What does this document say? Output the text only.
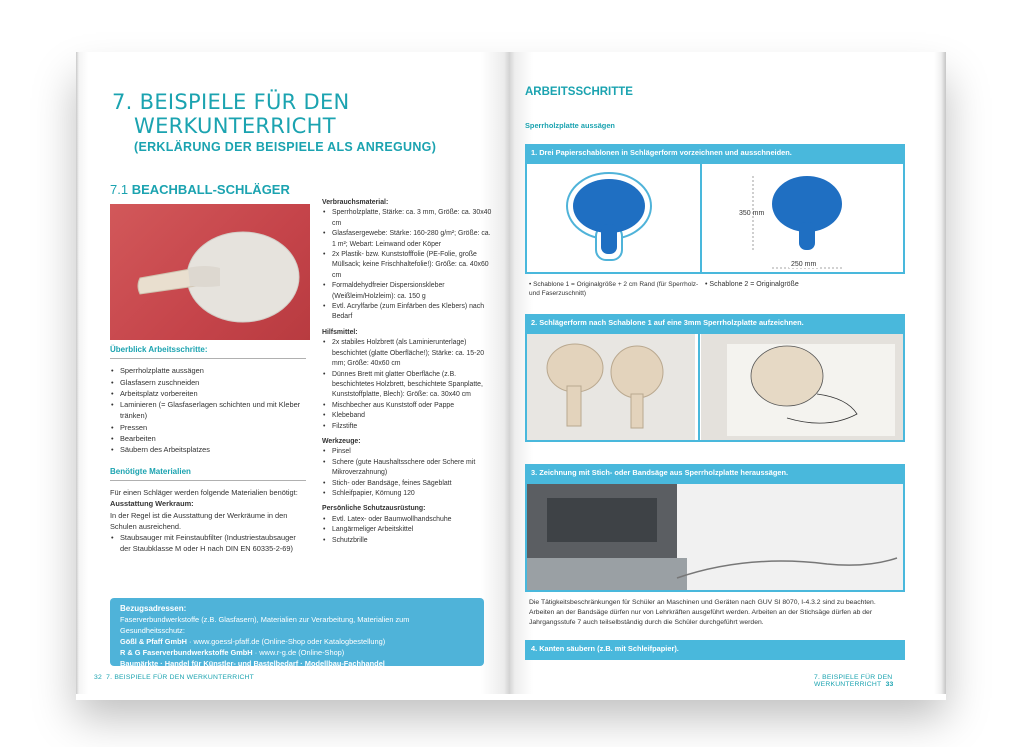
7. BEISPIELE FÜR DEN
WERKUNTERRICHT
(ERKLÄRUNG DER BEISPIELE ALS ANREGUNG)
7.1 BEACHBALL-SCHLÄGER
Überblick Arbeitsschritte:
• Sperrholzplatte aussägen
• Glasfasern zuschneiden
• Arbeitsplatz vorbereiten
• Laminieren (= Glasfaserlagen schichten und mit Kleber tränken)
• Pressen
• Bearbeiten
• Säubern des Arbeitsplatzes
Benötigte Materialien
Für einen Schläger werden folgende Materialien benötigt:
Ausstattung Werkraum:
In der Regel ist die Ausstattung der Werkräume in den Schulen ausreichend.
• Staubsauger mit Feinstaubfilter (Industriestaubsauger der Staubklasse M oder H nach DIN EN 60335-2-69)
Verbrauchsmaterial:
• Sperrholzplatte, Stärke: ca. 3 mm, Größe: ca. 30x40 cm
• Glasfasergewebe: Stärke: 160-280 g/m²; Größe: ca. 1 m²; Webart: Leinwand oder Köper
• 2x Plastik- bzw. Kunststofffolie (PE-Folie, große Müllsack; keine Frischhaltefolie!): Größe: ca. 40x60 cm
• Formaldehydfreier Dispersionskleber (Weißleim/Holzleim): ca. 150 g
• Evtl. Acrylfarbe (zum Einfärben des Klebers) nach Bedarf
Hilfsmittel:
• 2x stabiles Holzbrett (als Laminierunterlage) beschichtet (glatte Oberfläche!); Stärke: ca. 15-20 mm; Größe: 40x60 cm
• Dünnes Brett mit glatter Oberfläche (z.B. beschichtetes Holzbrett, beschichtete Spanplatte, Kunststoffplatte, Blech): Größe: ca. 30x40 cm
• Mischbecher aus Kunststoff oder Pappe
• Klebeband
• Filzstifte
Werkzeuge:
• Pinsel
• Schere (gute Haushaltsschere oder Schere mit Mikroverzahnung)
• Stich- oder Bandsäge, feines Sägeblatt
• Schleifpapier, Körnung 120
Persönliche Schutzausrüstung:
• Evtl. Latex- oder Baumwollhandschuhe
• Langärmeliger Arbeitskittel
• Schutzbrille
Bezugsadressen:
Faserverbundwerkstoffe (z.B. Glasfasern), Materialien zur Verarbeitung, Materialien zum Gesundheitsschutz:
Gößl & Pfaff GmbH · www.goessl-pfaff.de (Online-Shop oder Katalogbestellung)
R & G Faserverbundwerkstoffe GmbH · www.r-g.de (Online-Shop)
Baumärkte · Handel für Künstler- und Bastelbedarf · Modellbau-Fachhandel
32 7. BEISPIELE FÜR DEN WERKUNTERRICHT
ARBEITSSCHRITTE
Sperrholzplatte aussägen
1. Drei Papierschablonen in Schlägerform vorzeichnen und ausschneiden.
350 mm
250 mm
• Schablone 1 = Originalgröße + 2 cm Rand (für Sperrholz- und Faserzuschnitt)
• Schablone 2 = Originalgröße
2. Schlägerform nach Schablone 1 auf eine 3mm Sperrholzplatte aufzeichnen.
3. Zeichnung mit Stich- oder Bandsäge aus Sperrholzplatte heraussägen.
Die Tätigkeitsbeschränkungen für Schüler an Maschinen und Geräten nach GUV SI 8070, I-4.3.2 sind zu beachten. Arbeiten an der Bandsäge dürfen nur von Lehrkräften ausgeführt werden. Arbeiten an der Stichsäge dürfen ab der Jahrgangsstufe 7 auch teilselbständig durch die Schüler durchgeführt werden.
4. Kanten säubern (z.B. mit Schleifpapier).
7. BEISPIELE FÜR DEN WERKUNTERRICHT 33
